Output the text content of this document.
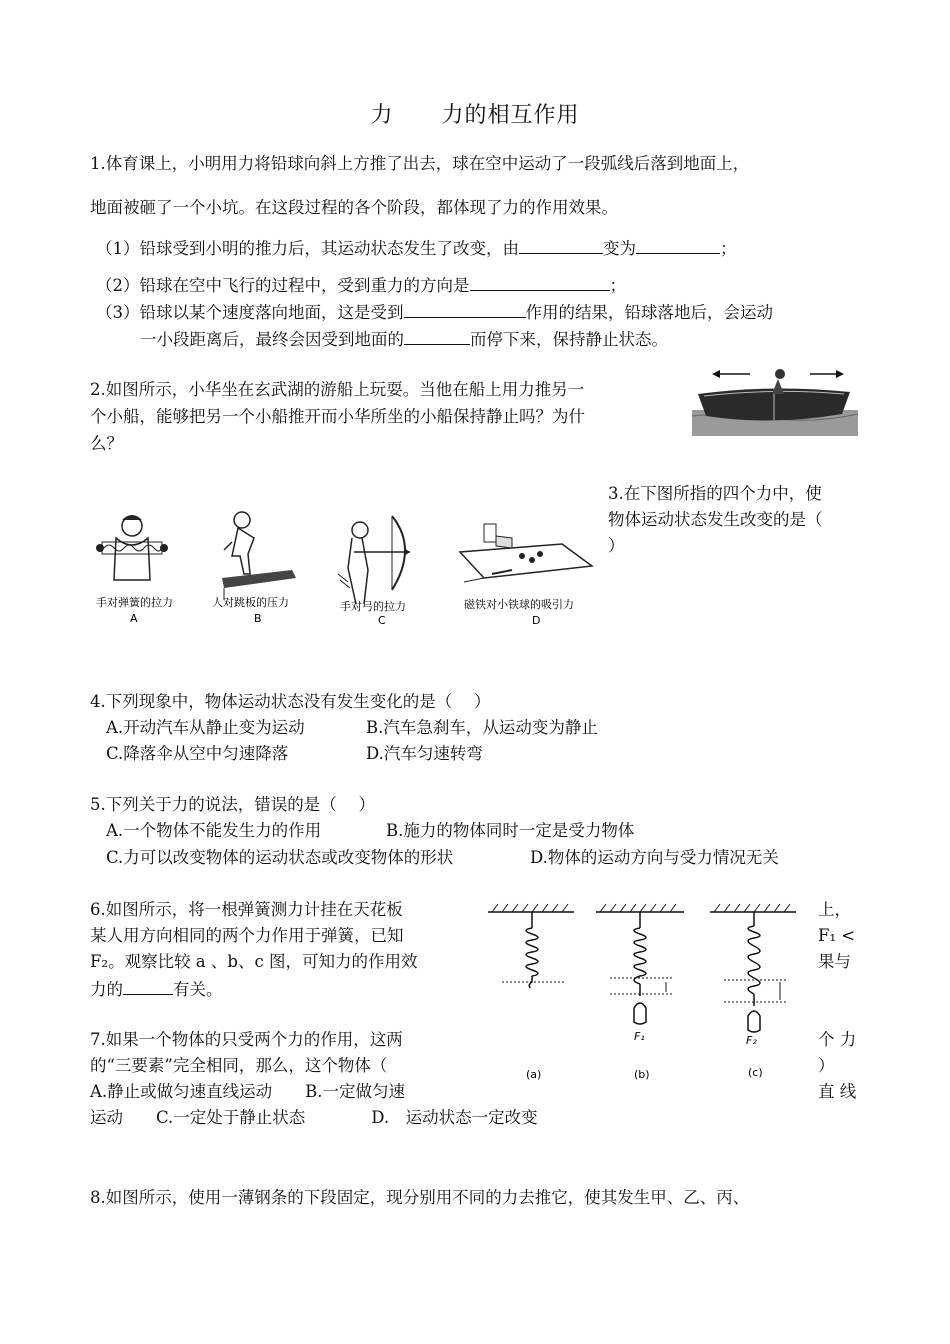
力 力的相互作用
1.体育课上，小明用力将铅球向斜上方推了出去，球在空中运动了一段弧线后落到地面上，
地面被砸了一个小坑。在这段过程的各个阶段，都体现了力的作用效果。
（1）铅球受到小明的推力后，其运动状态发生了改变，由	变为	；
（2）铅球在空中飞行的过程中，受到重力的方向是	；
（3）铅球以某个速度落向地面，这是受到	作用的结果，铅球落地后，会运动
一小段距离后，最终会因受到地面的	而停下来，保持静止状态。
2.如图所示，小华坐在玄武湖的游船上玩耍。当他在船上用力推另一
个小船，能够把另一个小船推开而小华所坐的小船保持静止吗？为什
么？
3.在下图所指的四个力中，使
物体运动状态发生改变的是（
）
手对弹簧的拉力	人对跳板的压力	手对弓的拉力	磁铁对小铁球的吸引力
A	B	C	D
4.下列现象中，物体运动状态没有发生变化的是（　 ）
A.开动汽车从静止变为运动	B.汽车急刹车，从运动变为静止
C.降落伞从空中匀速降落	D.汽车匀速转弯
5.下列关于力的说法，错误的是（　 ）
A.一个物体不能发生力的作用	B.施力的物体同时一定是受力物体
C.力可以改变物体的运动状态或改变物体的形状	D.物体的运动方向与受力情况无关
6.如图所示，将一根弹簧测力计挂在天花板	上，
某人用方向相同的两个力作用于弹簧，已知	F₁ <
F₂。观察比较 a 、b、c 图，可知力的作用效	果与
力的	有关。
F₁	F₂
(a)	(b)	(c)
7.如果一个物体的只受两个力的作用，这两	个 力
的“三要素”完全相同，那么，这个物体（	）
A.静止或做匀速直线运动　　B.一定做匀速	直 线
运动　　C.一定处于静止状态　　　　D.　运动状态一定改变
8.如图所示，使用一薄钢条的下段固定，现分别用不同的力去推它，使其发生甲、乙、丙、
